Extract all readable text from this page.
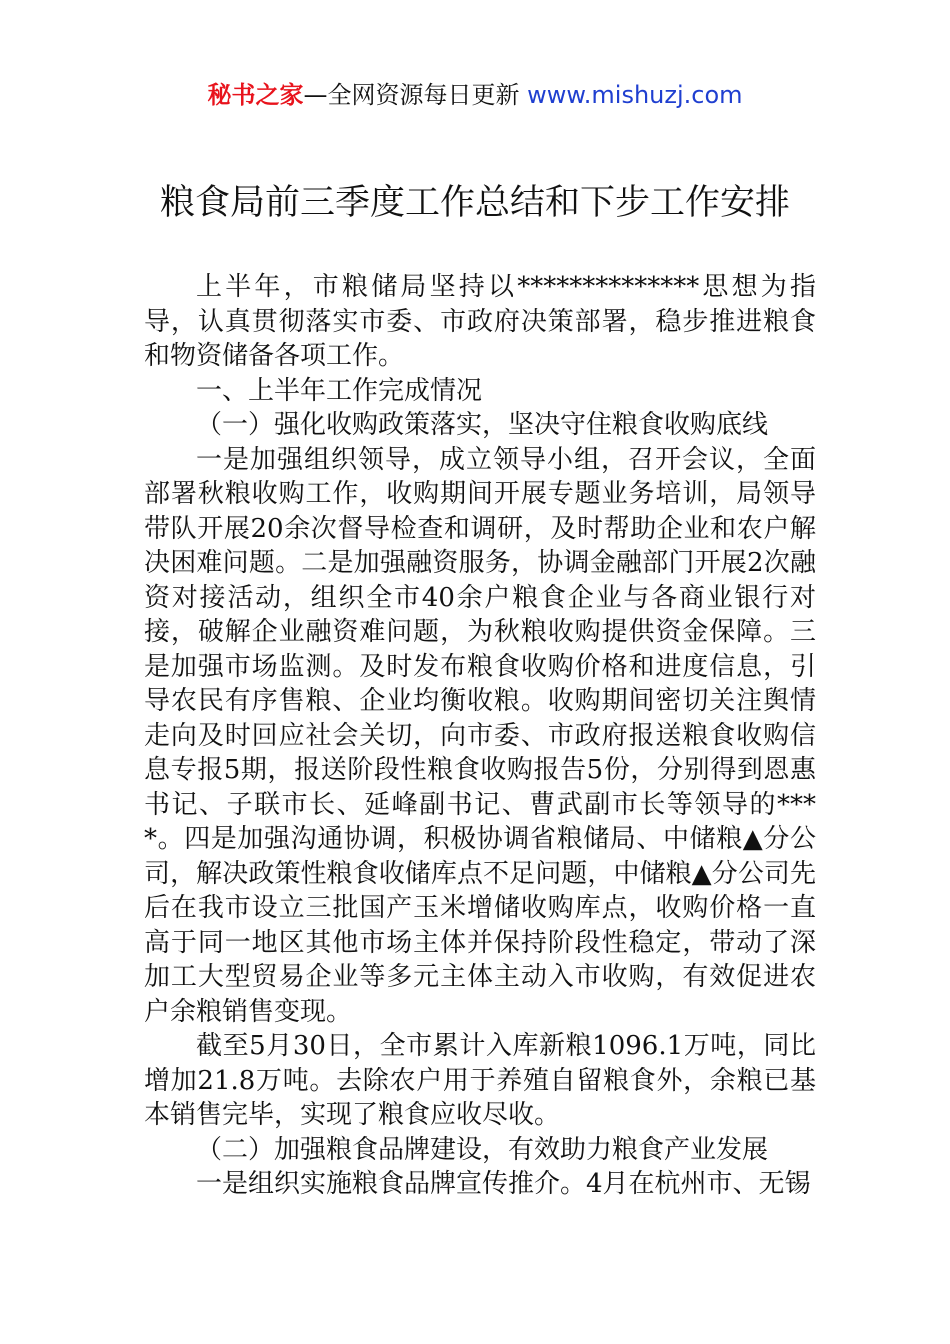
秘书之家—全网资源每日更新 www.mishuzj.com
粮食局前三季度工作总结和下步工作安排

上半年，市粮储局坚持以**************思想为指导，认真贯彻落实市委、市政府决策部署，稳步推进粮食和物资储备各项工作。

一、上半年工作完成情况

（一）强化收购政策落实，坚决守住粮食收购底线

一是加强组织领导，成立领导小组，召开会议，全面部署秋粮收购工作，收购期间开展专题业务培训，局领导带队开展20余次督导检查和调研，及时帮助企业和农户解决困难问题。二是加强融资服务，协调金融部门开展2次融资对接活动，组织全市40余户粮食企业与各商业银行对接，破解企业融资难问题，为秋粮收购提供资金保障。三是加强市场监测。及时发布粮食收购价格和进度信息，引导农民有序售粮、企业均衡收粮。收购期间密切关注舆情走向及时回应社会关切，向市委、市政府报送粮食收购信息专报5期，报送阶段性粮食收购报告5份，分别得到恩惠书记、子联市长、延峰副书记、曹武副市长等领导的****。四是加强沟通协调，积极协调省粮储局、中储粮▲分公司，解决政策性粮食收储库点不足问题，中储粮▲分公司先后在我市设立三批国产玉米增储收购库点，收购价格一直高于同一地区其他市场主体并保持阶段性稳定，带动了深加工大型贸易企业等多元主体主动入市收购，有效促进农户余粮销售变现。

截至5月30日，全市累计入库新粮1096.1万吨，同比增加21.8万吨。去除农户用于养殖自留粮食外，余粮已基本销售完毕，实现了粮食应收尽收。

（二）加强粮食品牌建设，有效助力粮食产业发展

一是组织实施粮食品牌宣传推介。4月在杭州市、无锡
